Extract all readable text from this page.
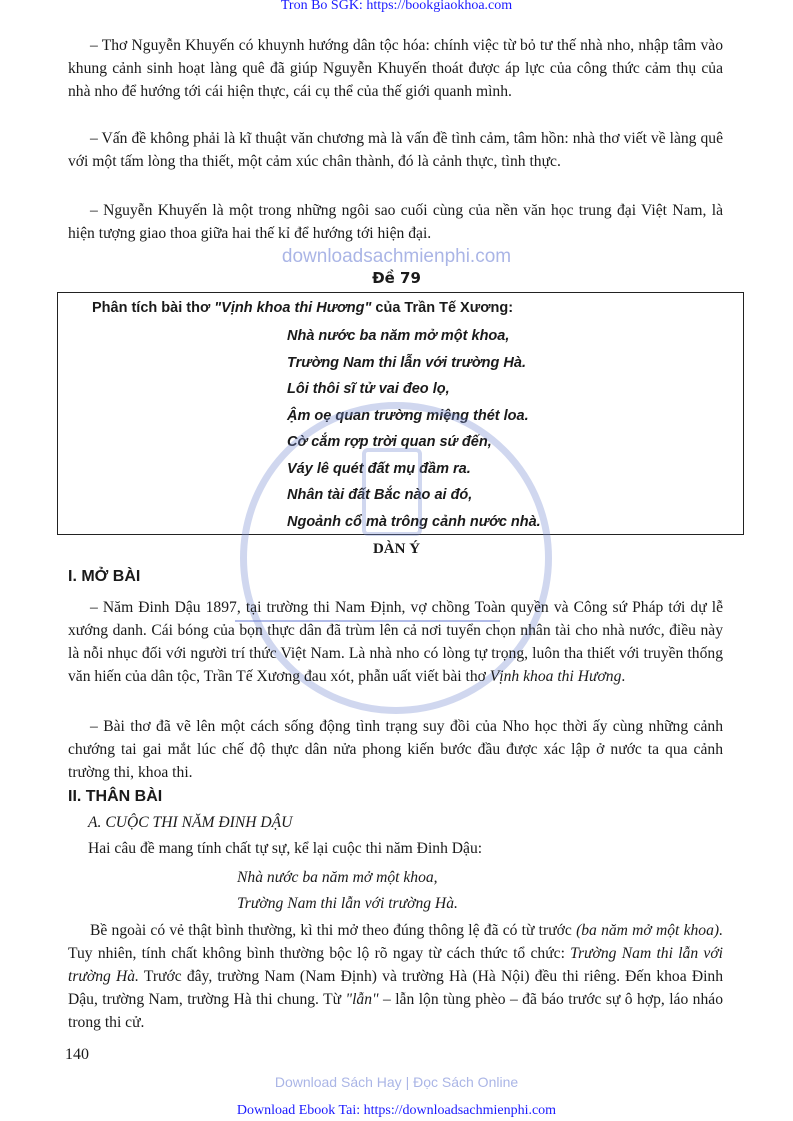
Tron Bo SGK: https://bookgiaokhoa.com
– Thơ Nguyễn Khuyến có khuynh hướng dân tộc hóa: chính việc từ bỏ tư thế nhà nho, nhập tâm vào khung cảnh sinh hoạt làng quê đã giúp Nguyễn Khuyến thoát được áp lực của công thức cảm thụ của nhà nho để hướng tới cái hiện thực, cái cụ thể của thế giới quanh mình.
– Vấn đề không phải là kĩ thuật văn chương mà là vấn đề tình cảm, tâm hồn: nhà thơ viết về làng quê với một tấm lòng tha thiết, một cảm xúc chân thành, đó là cảnh thực, tình thực.
– Nguyễn Khuyến là một trong những ngôi sao cuối cùng của nền văn học trung đại Việt Nam, là hiện tượng giao thoa giữa hai thế kỉ để hướng tới hiện đại.
Đề 79
Phân tích bài thơ "Vịnh khoa thi Hương" của Trần Tế Xương:
Nhà nước ba năm mở một khoa,
Trường Nam thi lẫn với trường Hà.
Lôi thôi sĩ tử vai đeo lọ,
Ậm oẹ quan trường miệng thét loa.
Cờ cắm rợp trời quan sứ đến,
Váy lê quét đất mụ đầm ra.
Nhân tài đất Bắc nào ai đó,
Ngoảnh cổ mà trông cảnh nước nhà.
DÀN Ý
downloadsachmienphi.com
Download Sách Hay | Đọc Sách Online
I. MỞ BÀI
– Năm Đinh Dậu 1897, tại trường thi Nam Định, vợ chồng Toàn quyền và Công sứ Pháp tới dự lễ xướng danh. Cái bóng của bọn thực dân đã trùm lên cả nơi tuyển chọn nhân tài cho nhà nước, điều này là nỗi nhục đối với người trí thức Việt Nam. Là nhà nho có lòng tự trọng, luôn tha thiết với truyền thống văn hiến của dân tộc, Trần Tế Xương đau xót, phẫn uất viết bài thơ Vịnh khoa thi Hương.
– Bài thơ đã vẽ lên một cách sống động tình trạng suy đồi của Nho học thời ấy cùng những cảnh chướng tai gai mắt lúc chế độ thực dân nửa phong kiến bước đầu được xác lập ở nước ta qua cảnh trường thi, khoa thi.
II. THÂN BÀI
A. CUỘC THI NĂM ĐINH DẬU
Hai câu đề mang tính chất tự sự, kể lại cuộc thi năm Đinh Dậu:
Nhà nước ba năm mở một khoa,
Trường Nam thi lẫn với trường Hà.
Bề ngoài có vẻ thật bình thường, kì thi mở theo đúng thông lệ đã có từ trước (ba năm mở một khoa). Tuy nhiên, tính chất không bình thường bộc lộ rõ ngay từ cách thức tổ chức: Trường Nam thi lẫn với trường Hà. Trước đây, trường Nam (Nam Định) và trường Hà (Hà Nội) đều thi riêng. Đến khoa Đinh Dậu, trường Nam, trường Hà thi chung. Từ "lẫn" – lẫn lộn tùng phèo – đã báo trước sự ô hợp, láo nháo trong thi cử.
140
Download Ebook Tai: https://downloadsachmienphi.com
